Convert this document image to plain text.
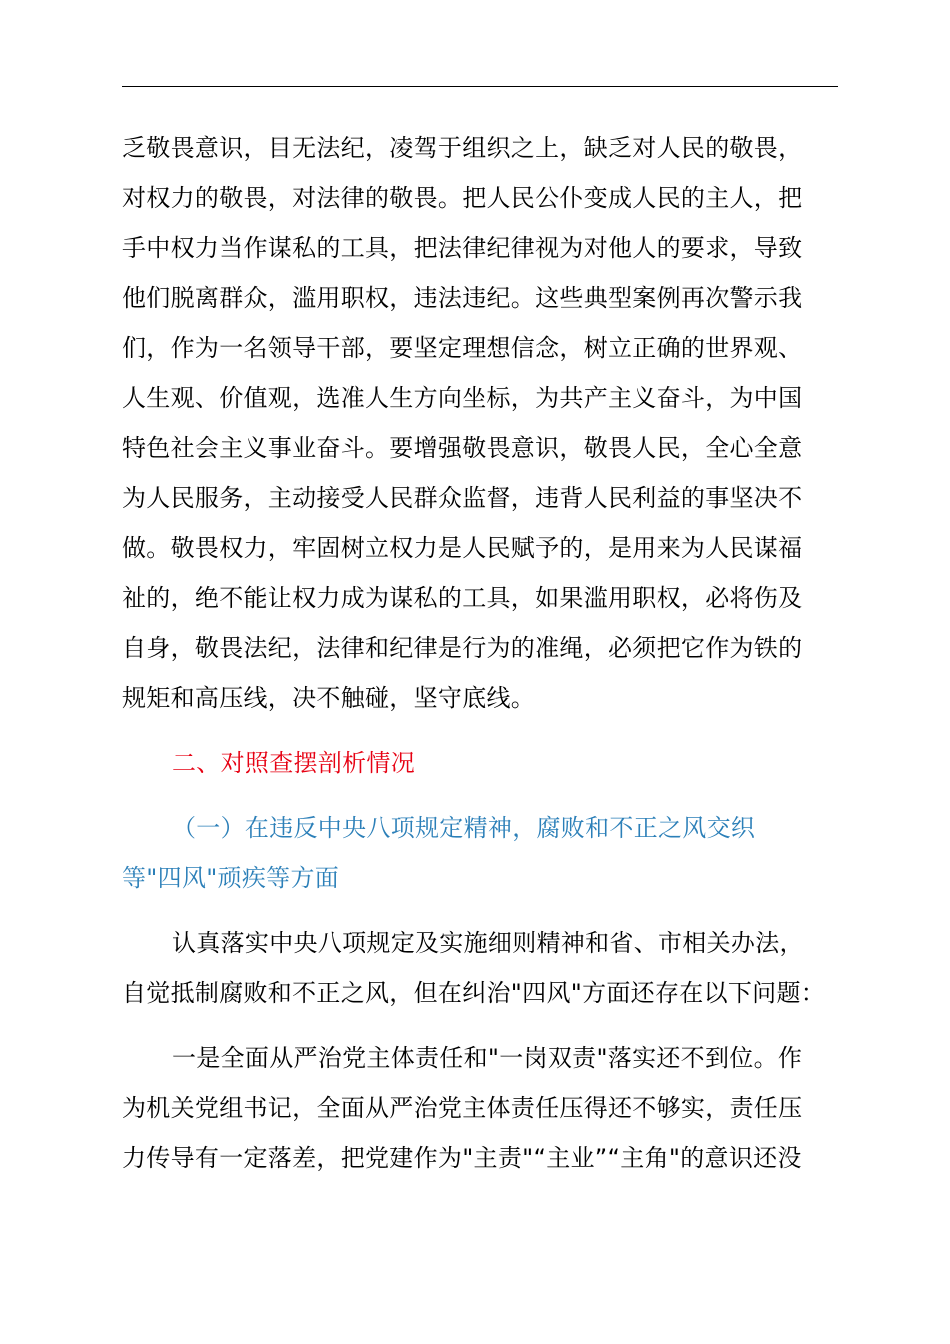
乏敬畏意识，目无法纪，凌驾于组织之上，缺乏对人民的敬畏，
对权力的敬畏，对法律的敬畏。把人民公仆变成人民的主人，把
手中权力当作谋私的工具，把法律纪律视为对他人的要求，导致
他们脱离群众，滥用职权，违法违纪。这些典型案例再次警示我
们，作为一名领导干部，要坚定理想信念，树立正确的世界观、
人生观、价值观，选准人生方向坐标，为共产主义奋斗，为中国
特色社会主义事业奋斗。要增强敬畏意识，敬畏人民，全心全意
为人民服务，主动接受人民群众监督，违背人民利益的事坚决不
做。敬畏权力，牢固树立权力是人民赋予的，是用来为人民谋福
祉的，绝不能让权力成为谋私的工具，如果滥用职权，必将伤及
自身，敬畏法纪，法律和纪律是行为的准绳，必须把它作为铁的
规矩和高压线，决不触碰，坚守底线。
二、对照查摆剖析情况
（一）在违反中央八项规定精神，腐败和不正之风交织
等"四风"顽疾等方面
认真落实中央八项规定及实施细则精神和省、市相关办法，
自觉抵制腐败和不正之风，但在纠治"四风"方面还存在以下问题：
一是全面从严治党主体责任和"一岗双责"落实还不到位。作
为机关党组书记，全面从严治党主体责任压得还不够实，责任压
力传导有一定落差，把党建作为"主责"“主业”“主角"的意识还没
